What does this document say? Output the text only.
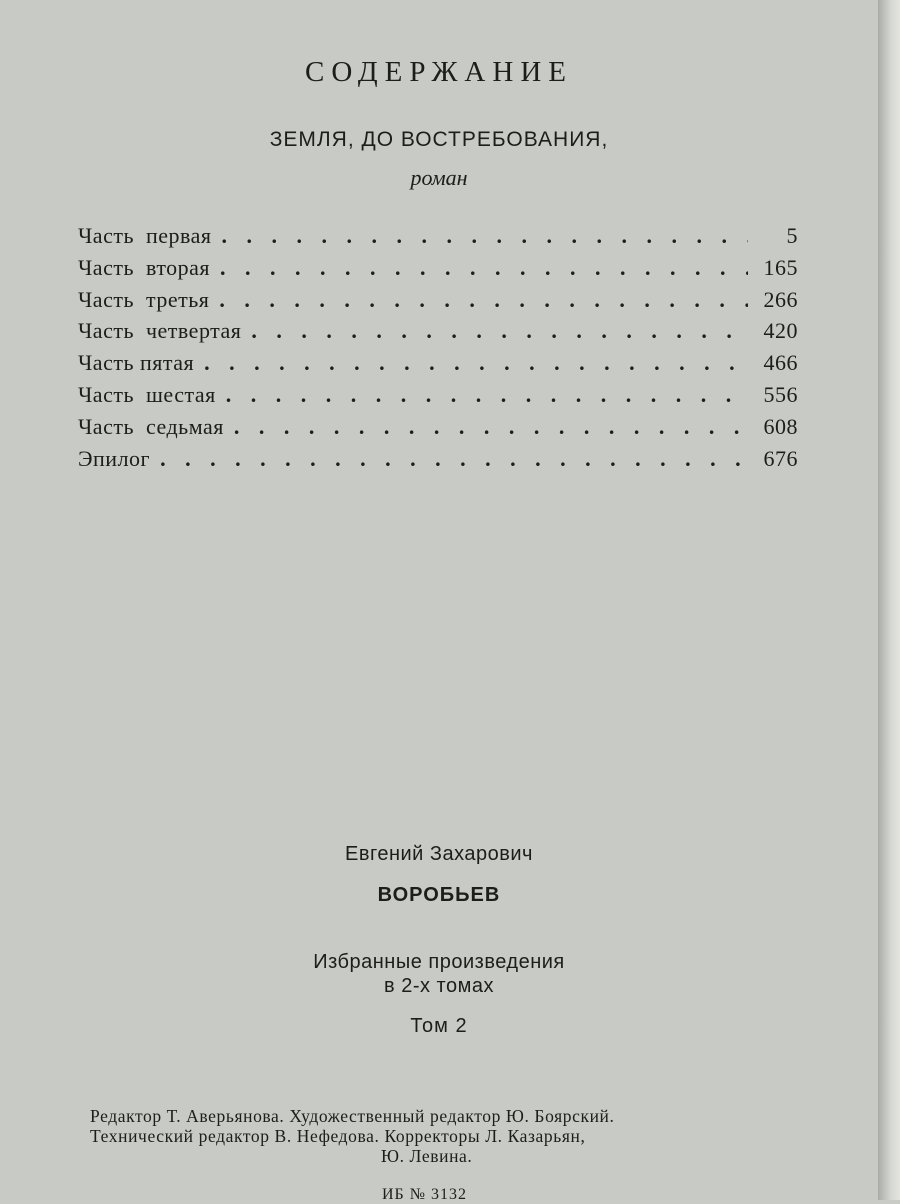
СОДЕРЖАНИЕ
ЗЕМЛЯ, ДО ВОСТРЕБОВАНИЯ,
роман
Часть  первая . . .	5
Часть  вторая . . .	165
Часть  третья . . .	266
Часть  четвертая . . .	420
Часть пятая . . .	466
Часть  шестая . . .	556
Часть  седьмая . . .	608
Эпилог . . .	676
Евгений Захарович
ВОРОБЬЕВ
Избранные произведения
в 2-х томах
Том 2
Редактор Т. Аверьянова. Художественный редактор Ю. Боярский.
Технический редактор В. Нефедова. Корректоры Л. Казарьян,
Ю. Левина.
ИБ № 3132
